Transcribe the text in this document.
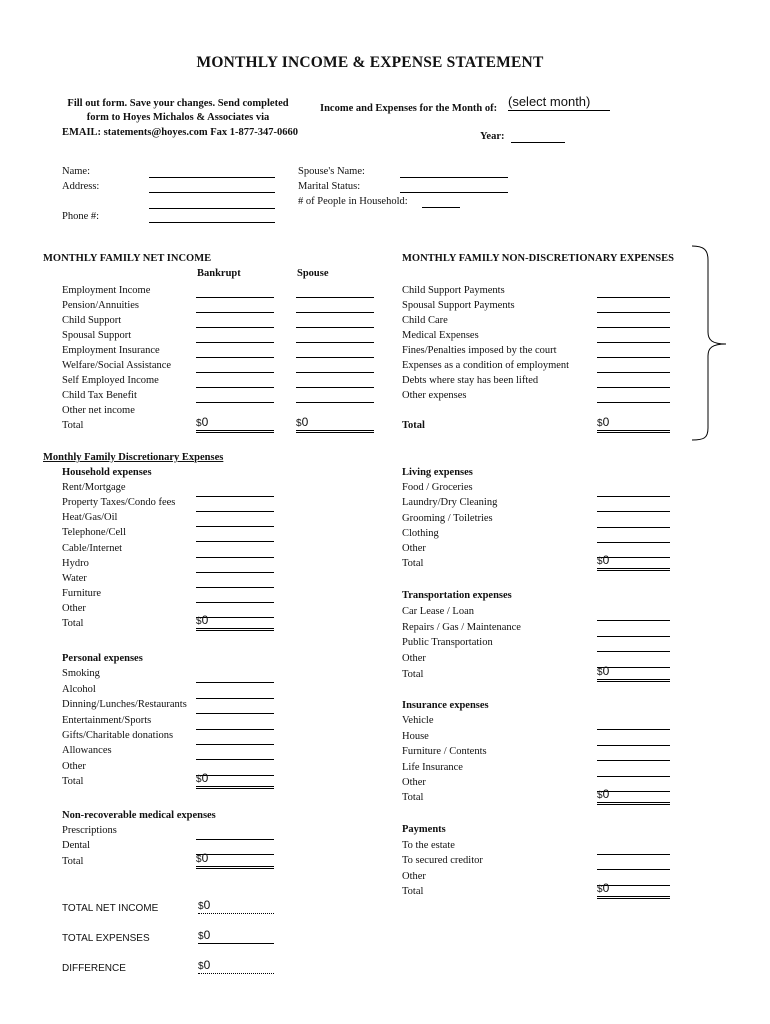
MONTHLY INCOME & EXPENSE STATEMENT
Fill out form. Save your changes. Send completed
form to Hoyes Michalos & Associates via
EMAIL: statements@hoyes.com Fax 1-877-347-0660
Income and Expenses for the Month of: (select month)
Year:
Name:
Address:
Phone #:
Spouse's Name:
Marital Status:
# of People in Household:
MONTHLY FAMILY NET INCOME
Bankrupt	Spouse
Employment Income
Pension/Annuities
Child Support
Spousal Support
Employment Insurance
Welfare/Social Assistance
Self Employed Income
Child Tax Benefit
Other net income
Total	$0	$0
MONTHLY FAMILY NON-DISCRETIONARY EXPENSES
Child Support Payments
Spousal Support Payments
Child Care
Medical Expenses
Fines/Penalties imposed by the court
Expenses as a condition of employment
Debts where stay has been lifted
Other expenses
Total	$0
Monthly Family Discretionary Expenses
Household expenses
Rent/Mortgage
Property Taxes/Condo fees
Heat/Gas/Oil
Telephone/Cell
Cable/Internet
Hydro
Water
Furniture
Other
Total	$0
Personal expenses
Smoking
Alcohol
Dinning/Lunches/Restaurants
Entertainment/Sports
Gifts/Charitable donations
Allowances
Other
Total	$0
Non-recoverable medical expenses
Prescriptions
Dental
Total	$0
Living expenses
Food / Groceries
Laundry/Dry Cleaning
Grooming / Toiletries
Clothing
Other
Total	$0
Transportation expenses
Car Lease / Loan
Repairs / Gas / Maintenance
Public Transportation
Other
Total	$0
Insurance expenses
Vehicle
House
Furniture / Contents
Life Insurance
Other
Total	$0
Payments
To the estate
To secured creditor
Other
Total	$0
TOTAL NET INCOME	$0
TOTAL EXPENSES	$0
DIFFERENCE	$0
